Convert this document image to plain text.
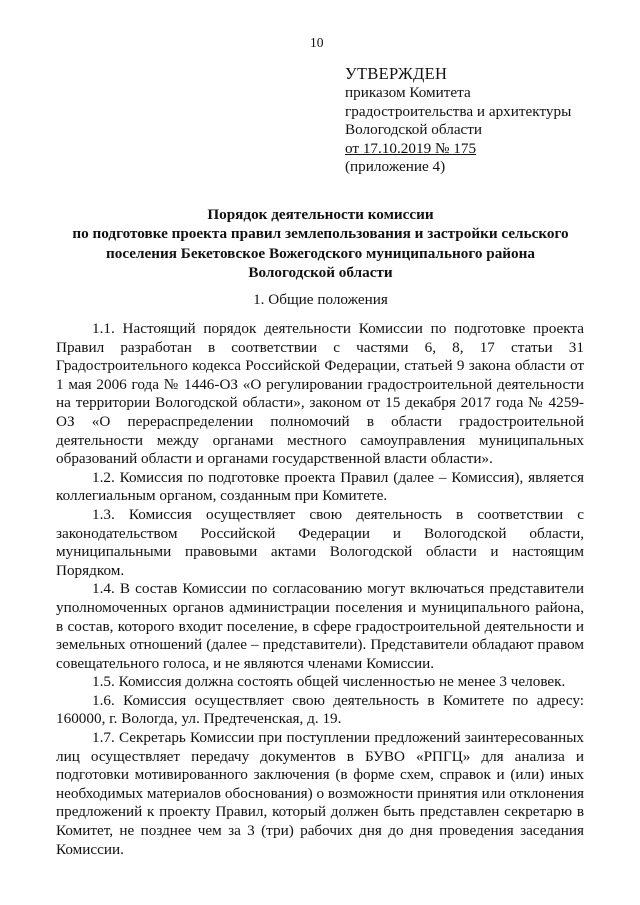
10
УТВЕРЖДЕН
приказом Комитета
градостроительства и архитектуры
Вологодской области
от 17.10.2019 № 175
(приложение 4)
Порядок деятельности комиссии
по подготовке проекта правил землепользования и застройки сельского
поселения Бекетовское Вожегодского муниципального района
Вологодской области
1. Общие положения

1.1. Настоящий порядок деятельности Комиссии по подготовке проекта Правил разработан в соответствии с частями 6, 8, 17 статьи 31 Градостроительного кодекса Российской Федерации, статьей 9 закона области от 1 мая 2006 года № 1446-ОЗ «О регулировании градостроительной деятельности на территории Вологодской области», законом от 15 декабря 2017 года № 4259-ОЗ «О перераспределении полномочий в области градостроительной деятельности между органами местного самоуправления муниципальных образований области и органами государственной власти области».

1.2. Комиссия по подготовке проекта Правил (далее – Комиссия), является коллегиальным органом, созданным при Комитете.

1.3. Комиссия осуществляет свою деятельность в соответствии с законодательством Российской Федерации и Вологодской области, муниципальными правовыми актами Вологодской области и настоящим Порядком.

1.4. В состав Комиссии по согласованию могут включаться представители уполномоченных органов администрации поселения и муниципального района, в состав, которого входит поселение, в сфере градостроительной деятельности и земельных отношений (далее – представители). Представители обладают правом совещательного голоса, и не являются членами Комиссии.

1.5. Комиссия должна состоять общей численностью не менее 3 человек.

1.6. Комиссия осуществляет свою деятельность в Комитете по адресу: 160000, г. Вологда, ул. Предтеченская, д. 19.

1.7. Секретарь Комиссии при поступлении предложений заинтересованных лиц осуществляет передачу документов в БУВО «РПГЦ» для анализа и подготовки мотивированного заключения (в форме схем, справок и (или) иных необходимых материалов обоснования) о возможности принятия или отклонения предложений к проекту Правил, который должен быть представлен секретарю в Комитет, не позднее чем за 3 (три) рабочих дня до дня проведения заседания Комиссии.
